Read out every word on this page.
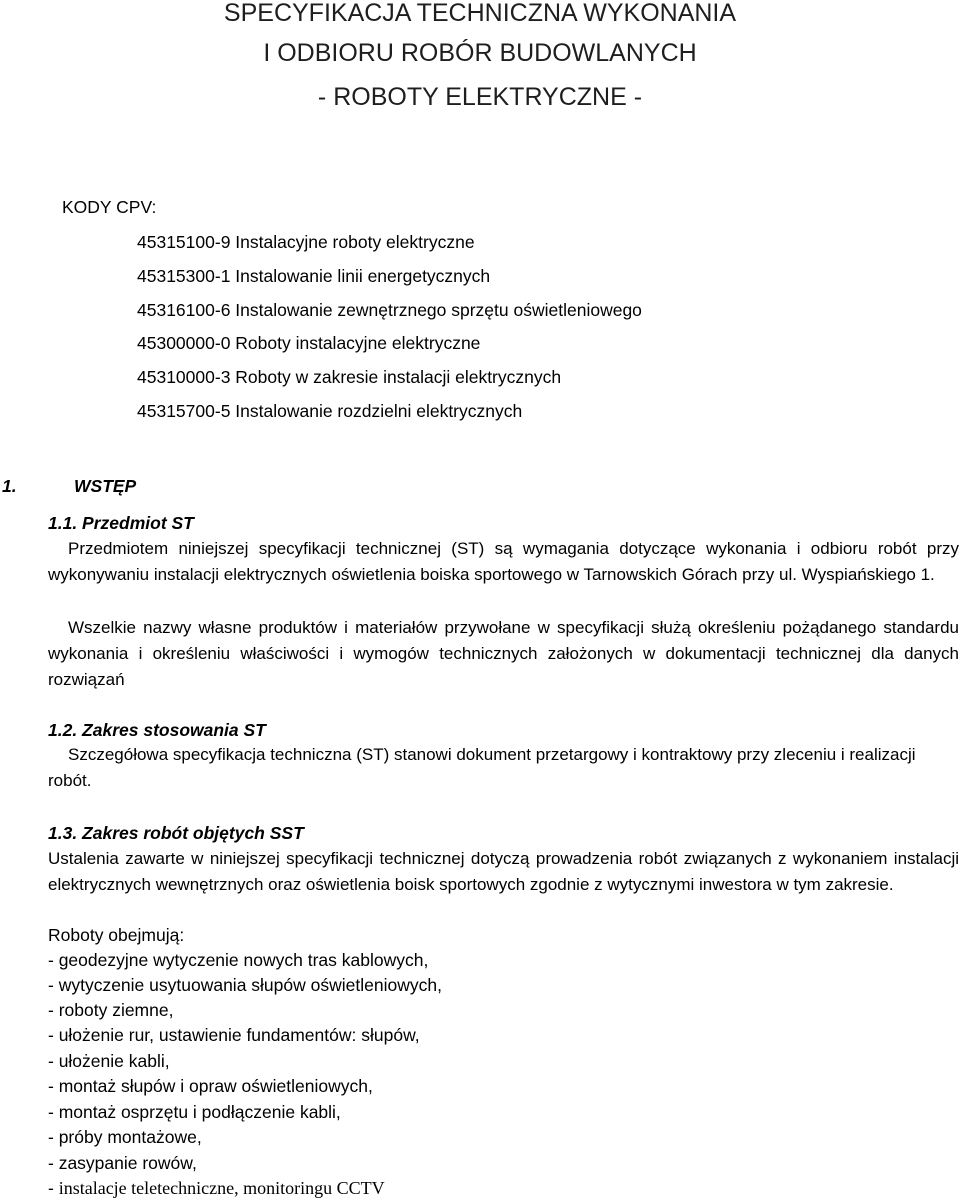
SPECYFIKACJA TECHNICZNA WYKONANIA
I ODBIORU ROBÓR BUDOWLANYCH
- ROBOTY ELEKTRYCZNE -
KODY CPV:
45315100-9 Instalacyjne roboty elektryczne
45315300-1 Instalowanie linii energetycznych
45316100-6 Instalowanie zewnętrznego sprzętu oświetleniowego
45300000-0 Roboty instalacyjne elektryczne
45310000-3 Roboty w zakresie instalacji elektrycznych
45315700-5 Instalowanie rozdzielni elektrycznych
1.	WSTĘP
1.1. Przedmiot ST
Przedmiotem niniejszej specyfikacji technicznej (ST) są wymagania dotyczące wykonania i odbioru robót przy wykonywaniu instalacji elektrycznych oświetlenia boiska sportowego w Tarnowskich Górach przy ul. Wyspiańskiego 1.
Wszelkie nazwy własne produktów i materiałów przywołane w specyfikacji służą określeniu pożądanego standardu wykonania i określeniu właściwości i wymogów technicznych założonych w dokumentacji technicznej dla danych rozwiązań
1.2. Zakres stosowania ST
Szczegółowa specyfikacja techniczna (ST) stanowi dokument przetargowy i kontraktowy przy zleceniu i realizacji robót.
1.3. Zakres robót objętych SST
Ustalenia zawarte w niniejszej specyfikacji technicznej dotyczą prowadzenia robót związanych z wykonaniem instalacji elektrycznych wewnętrznych oraz oświetlenia boisk sportowych zgodnie z wytycznymi inwestora w tym zakresie.
Roboty obejmują:
- geodezyjne wytyczenie nowych tras kablowych,
- wytyczenie usytuowania słupów oświetleniowych,
- roboty ziemne,
- ułożenie rur, ustawienie fundamentów: słupów,
- ułożenie kabli,
- montaż słupów i opraw oświetleniowych,
- montaż osprzętu i podłączenie kabli,
- próby montażowe,
- zasypanie rowów,
- instalacje teletechniczne, monitoringu CCTV
